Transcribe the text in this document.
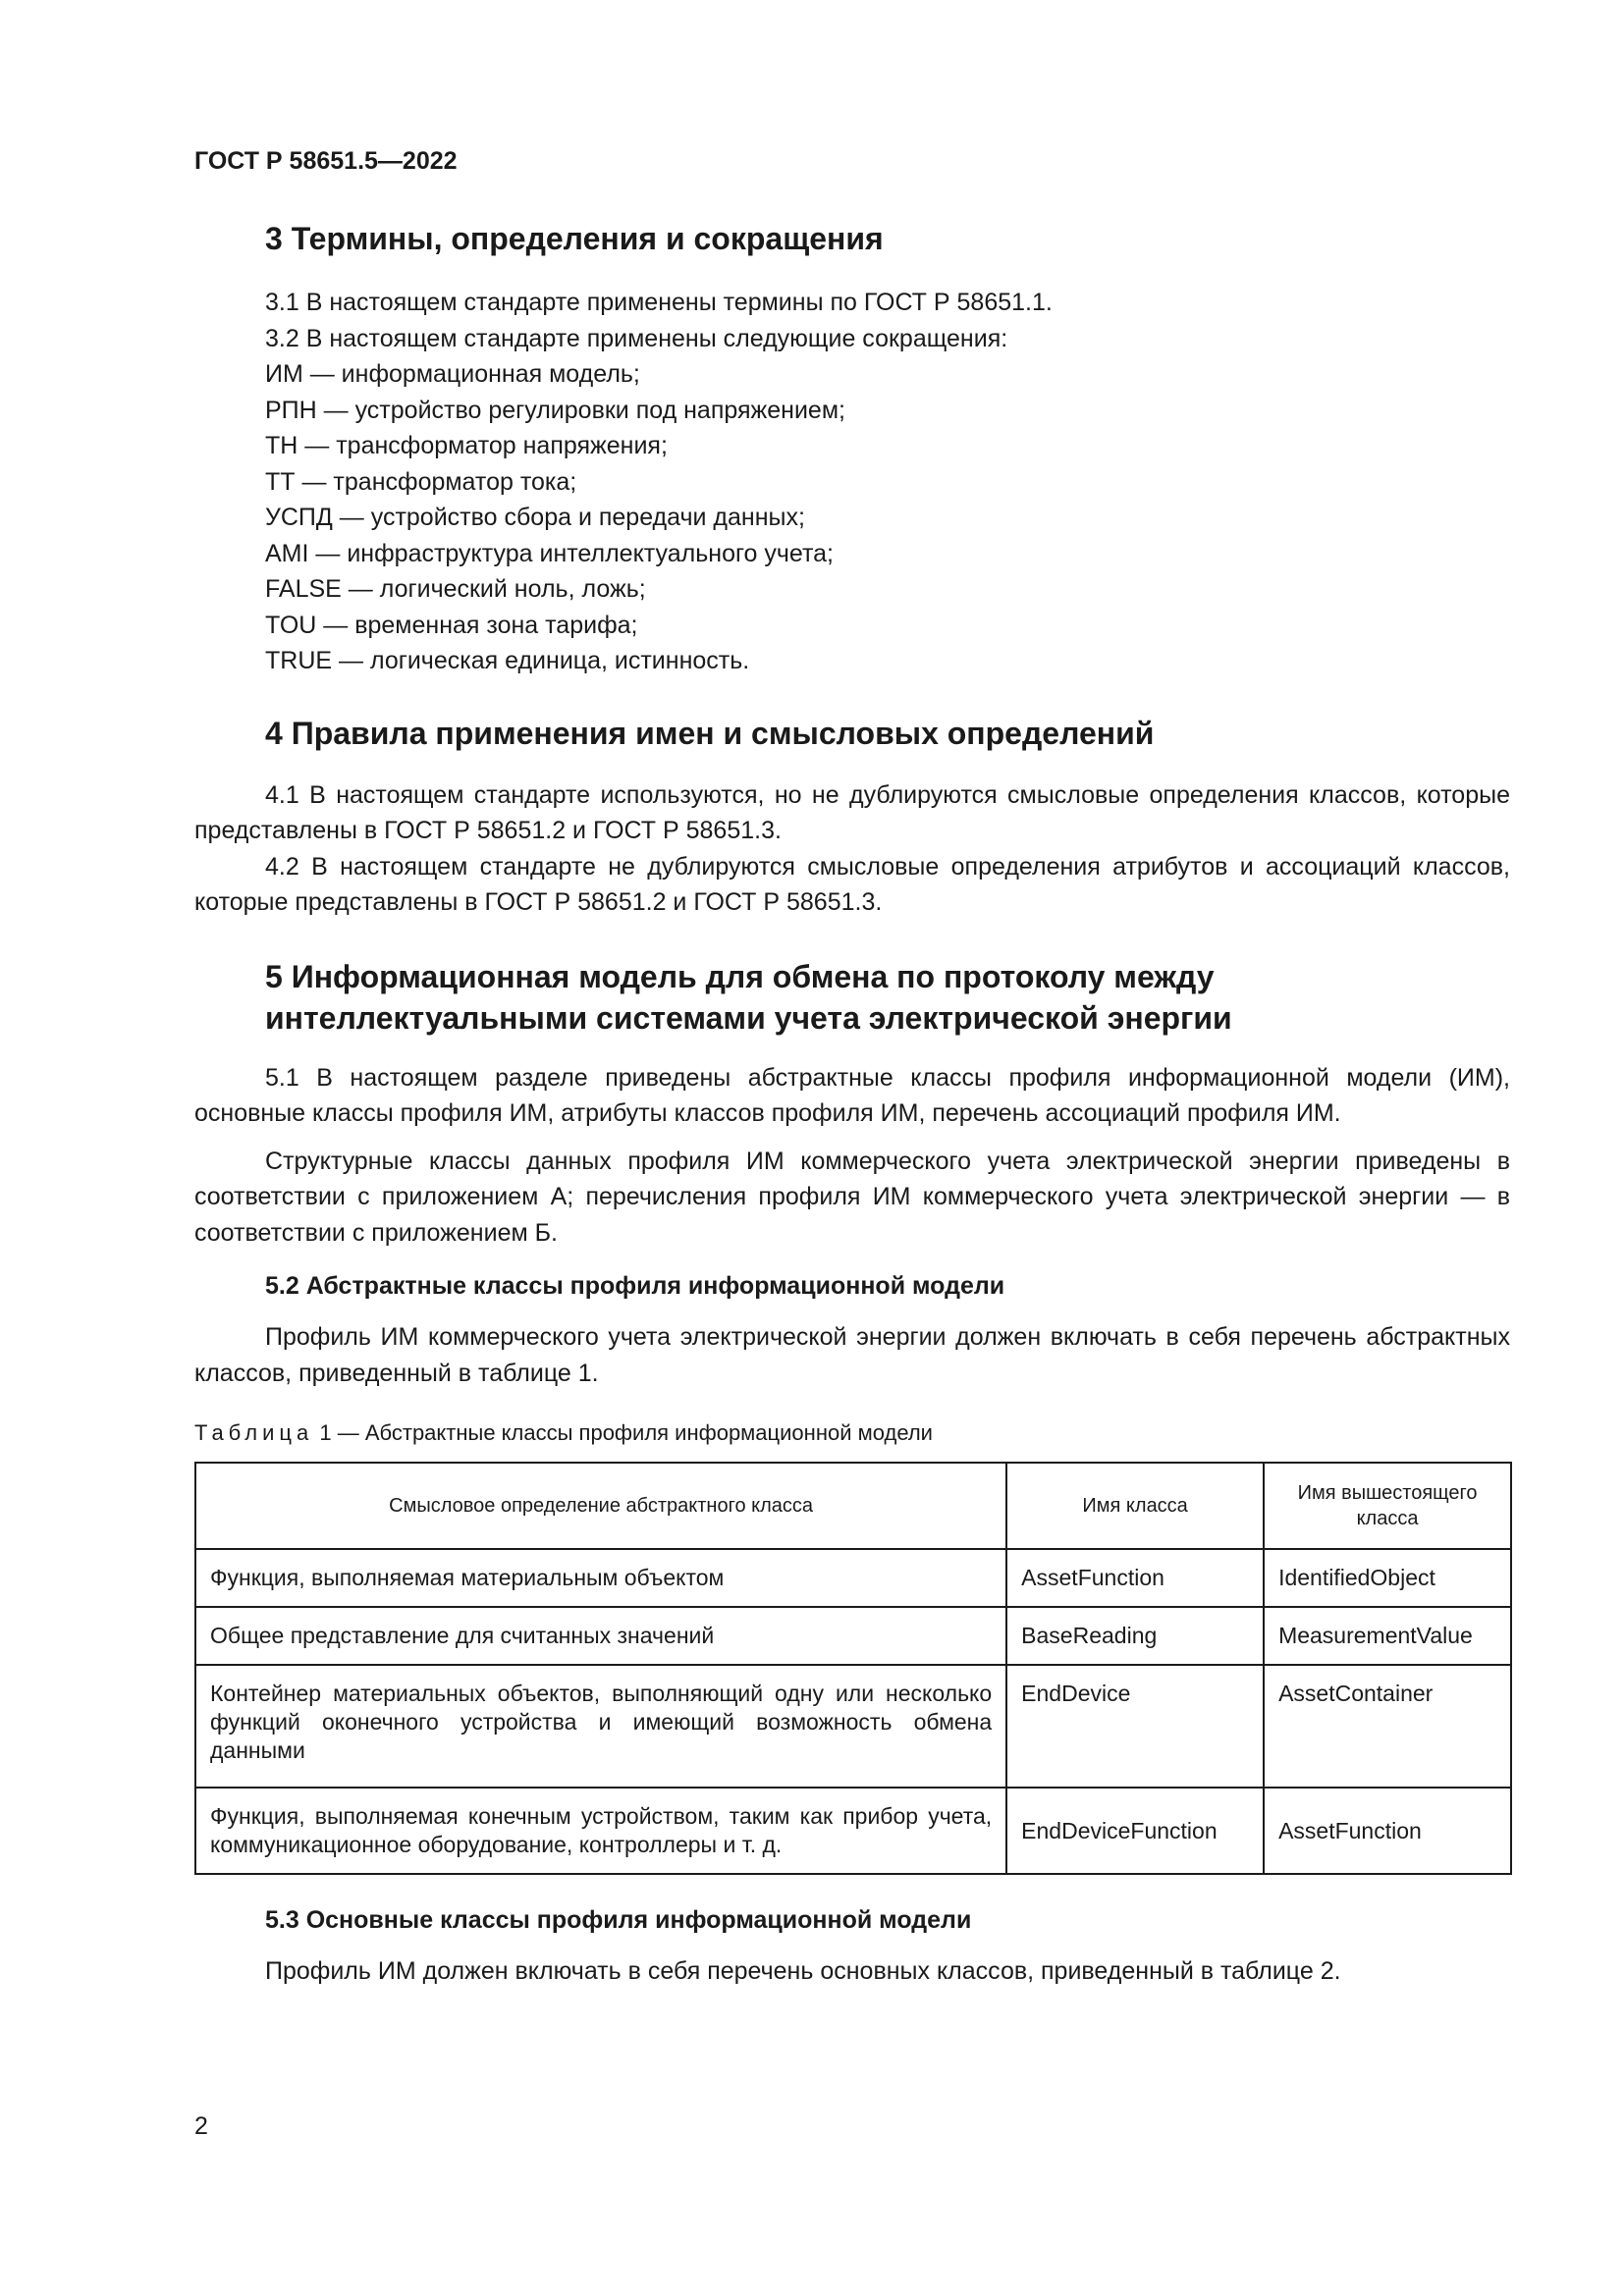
ГОСТ Р 58651.5—2022
3 Термины, определения и сокращения

3.1 В настоящем стандарте применены термины по ГОСТ Р 58651.1.

3.2 В настоящем стандарте применены следующие сокращения:

ИМ — информационная модель;

РПН — устройство регулировки под напряжением;

ТН — трансформатор напряжения;

ТТ — трансформатор тока;

УСПД — устройство сбора и передачи данных;

AMI — инфраструктура интеллектуального учета;

FALSE — логический ноль, ложь;

TOU — временная зона тарифа;

TRUE — логическая единица, истинность.

4 Правила применения имен и смысловых определений

4.1 В настоящем стандарте используются, но не дублируются смысловые определения классов, которые представлены в ГОСТ Р 58651.2 и ГОСТ Р 58651.3.

4.2 В настоящем стандарте не дублируются смысловые определения атрибутов и ассоциаций классов, которые представлены в ГОСТ Р 58651.2 и ГОСТ Р 58651.3.

5 Информационная модель для обмена по протоколу между
интеллектуальными системами учета электрической энергии

5.1 В настоящем разделе приведены абстрактные классы профиля информационной модели (ИМ), основные классы профиля ИМ, атрибуты классов профиля ИМ, перечень ассоциаций профиля ИМ.

Структурные классы данных профиля ИМ коммерческого учета электрической энергии приведены в соответствии с приложением А; перечисления профиля ИМ коммерческого учета электрической энергии — в соответствии с приложением Б.

5.2 Абстрактные классы профиля информационной модели

Профиль ИМ коммерческого учета электрической энергии должен включать в себя перечень абстрактных классов, приведенный в таблице 1.

Таблица 1 — Абстрактные классы профиля информационной модели
Смысловое определение абстрактного класса	Имя класса	Имя вышестоящего класса
Функция, выполняемая материальным объектом	AssetFunction	IdentifiedObject
Общее представление для считанных значений	BaseReading	MeasurementValue
Контейнер материальных объектов, выполняющий одну или несколько функций оконечного устройства и имеющий возможность обмена данными	EndDevice	AssetContainer
Функция, выполняемая конечным устройством, таким как прибор учета, коммуникационное оборудование, контроллеры и т. д.	EndDeviceFunction	AssetFunction
5.3 Основные классы профиля информационной модели

Профиль ИМ должен включать в себя перечень основных классов, приведенный в таблице 2.

2
